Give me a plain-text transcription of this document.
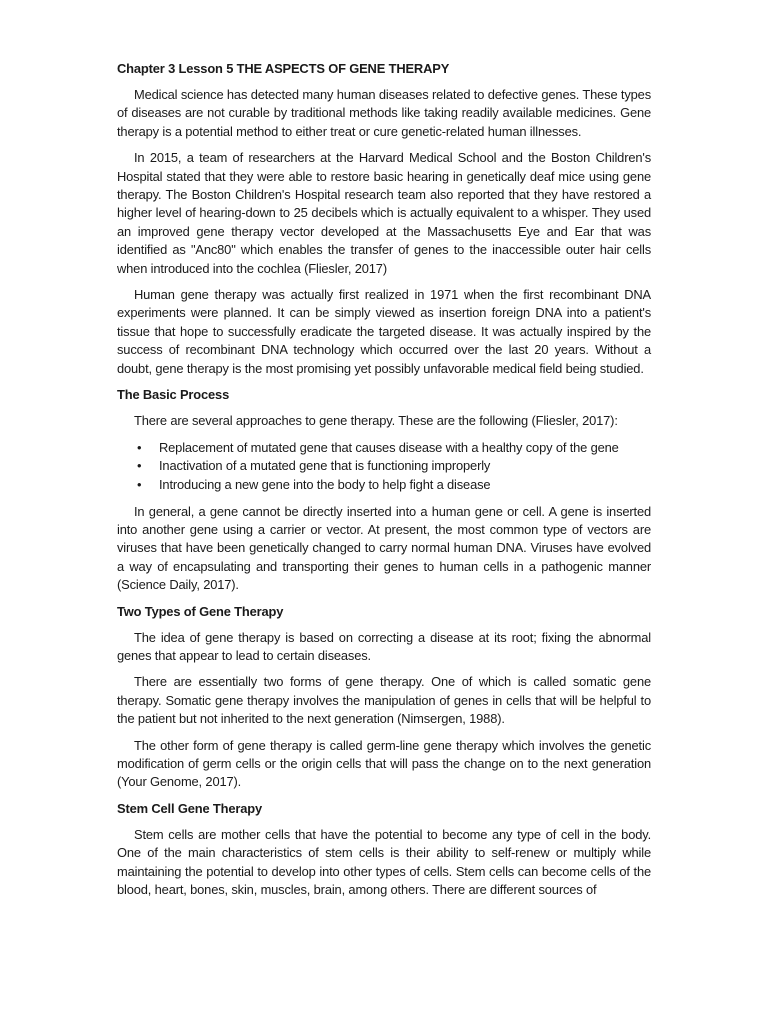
Chapter 3 Lesson 5 THE ASPECTS OF GENE THERAPY

Medical science has detected many human diseases related to defective genes. These types of diseases are not curable by traditional methods like taking readily available medicines. Gene therapy is a potential method to either treat or cure genetic-related human illnesses.

In 2015, a team of researchers at the Harvard Medical School and the Boston Children's Hospital stated that they were able to restore basic hearing in genetically deaf mice using gene therapy. The Boston Children's Hospital research team also reported that they have restored a higher level of hearing-down to 25 decibels which is actually equivalent to a whisper. They used an improved gene therapy vector developed at the Massachusetts Eye and Ear that was identified as "Anc80" which enables the transfer of genes to the inaccessible outer hair cells when introduced into the cochlea (Fliesler, 2017)

Human gene therapy was actually first realized in 1971 when the first recombinant DNA experiments were planned. It can be simply viewed as insertion foreign DNA into a patient's tissue that hope to successfully eradicate the targeted disease. It was actually inspired by the success of recombinant DNA technology which occurred over the last 20 years. Without a doubt, gene therapy is the most promising yet possibly unfavorable medical field being studied.

The Basic Process

There are several approaches to gene therapy. These are the following (Fliesler, 2017):

• Replacement of mutated gene that causes disease with a healthy copy of the gene
• Inactivation of a mutated gene that is functioning improperly
• Introducing a new gene into the body to help fight a disease

In general, a gene cannot be directly inserted into a human gene or cell. A gene is inserted into another gene using a carrier or vector. At present, the most common type of vectors are viruses that have been genetically changed to carry normal human DNA. Viruses have evolved a way of encapsulating and transporting their genes to human cells in a pathogenic manner (Science Daily, 2017).

Two Types of Gene Therapy

The idea of gene therapy is based on correcting a disease at its root; fixing the abnormal genes that appear to lead to certain diseases.

There are essentially two forms of gene therapy. One of which is called somatic gene therapy. Somatic gene therapy involves the manipulation of genes in cells that will be helpful to the patient but not inherited to the next generation (Nimsergen, 1988).

The other form of gene therapy is called germ-line gene therapy which involves the genetic modification of germ cells or the origin cells that will pass the change on to the next generation (Your Genome, 2017).

Stem Cell Gene Therapy

Stem cells are mother cells that have the potential to become any type of cell in the body. One of the main characteristics of stem cells is their ability to self-renew or multiply while maintaining the potential to develop into other types of cells. Stem cells can become cells of the blood, heart, bones, skin, muscles, brain, among others. There are different sources of
